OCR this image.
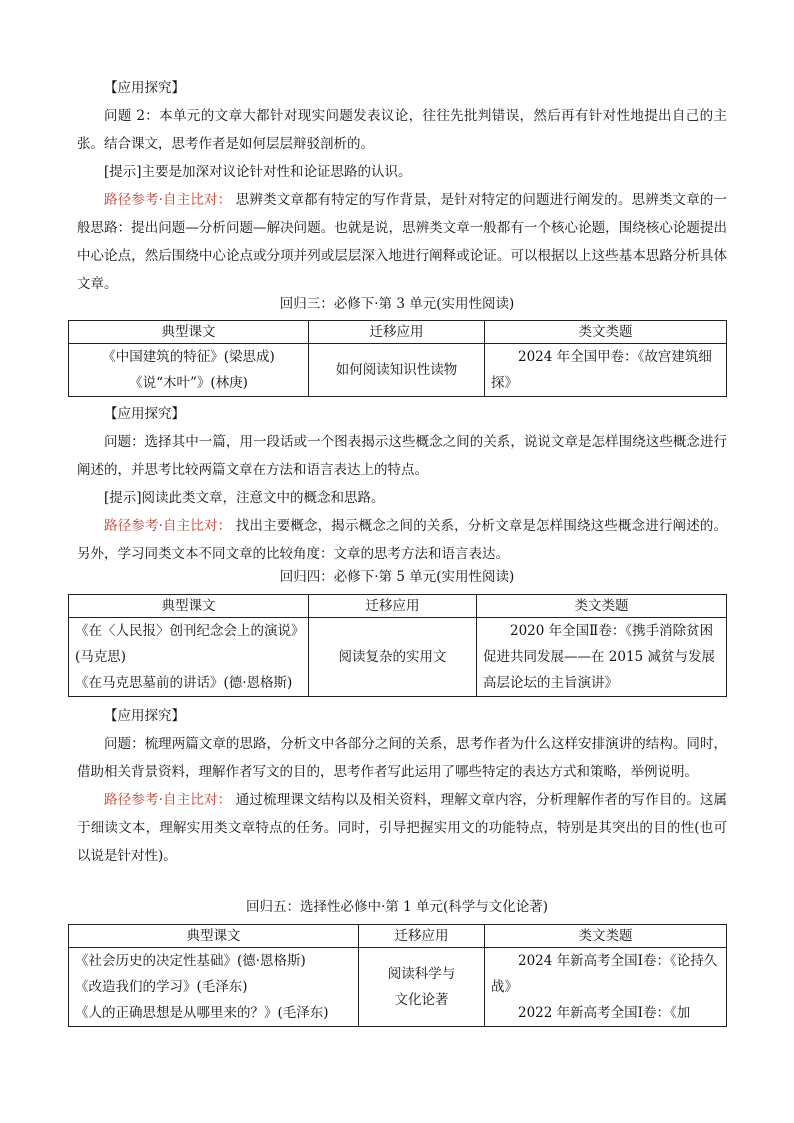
【应用探究】

问题 2：本单元的文章大都针对现实问题发表议论，往往先批判错误，然后再有针对性地提出自己的主张。结合课文，思考作者是如何层层辩驳剖析的。

[提示]主要是加深对议论针对性和论证思路的认识。

路径参考·自主比对： 思辨类文章都有特定的写作背景，是针对特定的问题进行阐发的。思辨类文章的一般思路：提出问题—分析问题—解决问题。也就是说，思辨类文章一般都有一个核心论题，围绕核心论题提出中心论点，然后围绕中心论点或分项并列或层层深入地进行阐释或论证。可以根据以上这些基本思路分析具体文章。

回归三：必修下·第 3 单元(实用性阅读)
典型课文	迁移应用	类文类题

《中国建筑的特征》(梁思成)
《说“木叶”》(林庚)	如何阅读知识性读物	2024 年全国甲卷：《故宫建筑细探》

【应用探究】

问题：选择其中一篇，用一段话或一个图表揭示这些概念之间的关系，说说文章是怎样围绕这些概念进行阐述的，并思考比较两篇文章在方法和语言表达上的特点。

[提示]阅读此类文章，注意文中的概念和思路。

路径参考·自主比对： 找出主要概念，揭示概念之间的关系，分析文章是怎样围绕这些概念进行阐述的。另外，学习同类文本不同文章的比较角度：文章的思考方法和语言表达。

回归四：必修下·第 5 单元(实用性阅读)
典型课文	迁移应用	类文类题

《在〈人民报〉创刊纪念会上的演说》(马克思)
《在马克思墓前的讲话》(德·恩格斯)	阅读复杂的实用文	2020 年全国Ⅱ卷：《携手消除贫困促进共同发展——在 2015 减贫与发展高层论坛的主旨演讲》

【应用探究】

问题：梳理两篇文章的思路，分析文中各部分之间的关系，思考作者为什么这样安排演讲的结构。同时，借助相关背景资料，理解作者写文的目的，思考作者写此运用了哪些特定的表达方式和策略，举例说明。

路径参考·自主比对： 通过梳理课文结构以及相关资料，理解文章内容，分析理解作者的写作目的。这属于细读文本，理解实用类文章特点的任务。同时，引导把握实用文的功能特点，特别是其突出的目的性(也可以说是针对性)。

回归五：选择性必修中·第 1 单元(科学与文化论著)
典型课文	迁移应用	类文类题

《社会历史的决定性基础》(德·恩格斯)
《改造我们的学习》(毛泽东)
《人的正确思想是从哪里来的？》(毛泽东)	阅读科学与
文化论著	2024 年新高考全国Ⅰ卷：《论持久战》
2022 年新高考全国Ⅰ卷：《加
